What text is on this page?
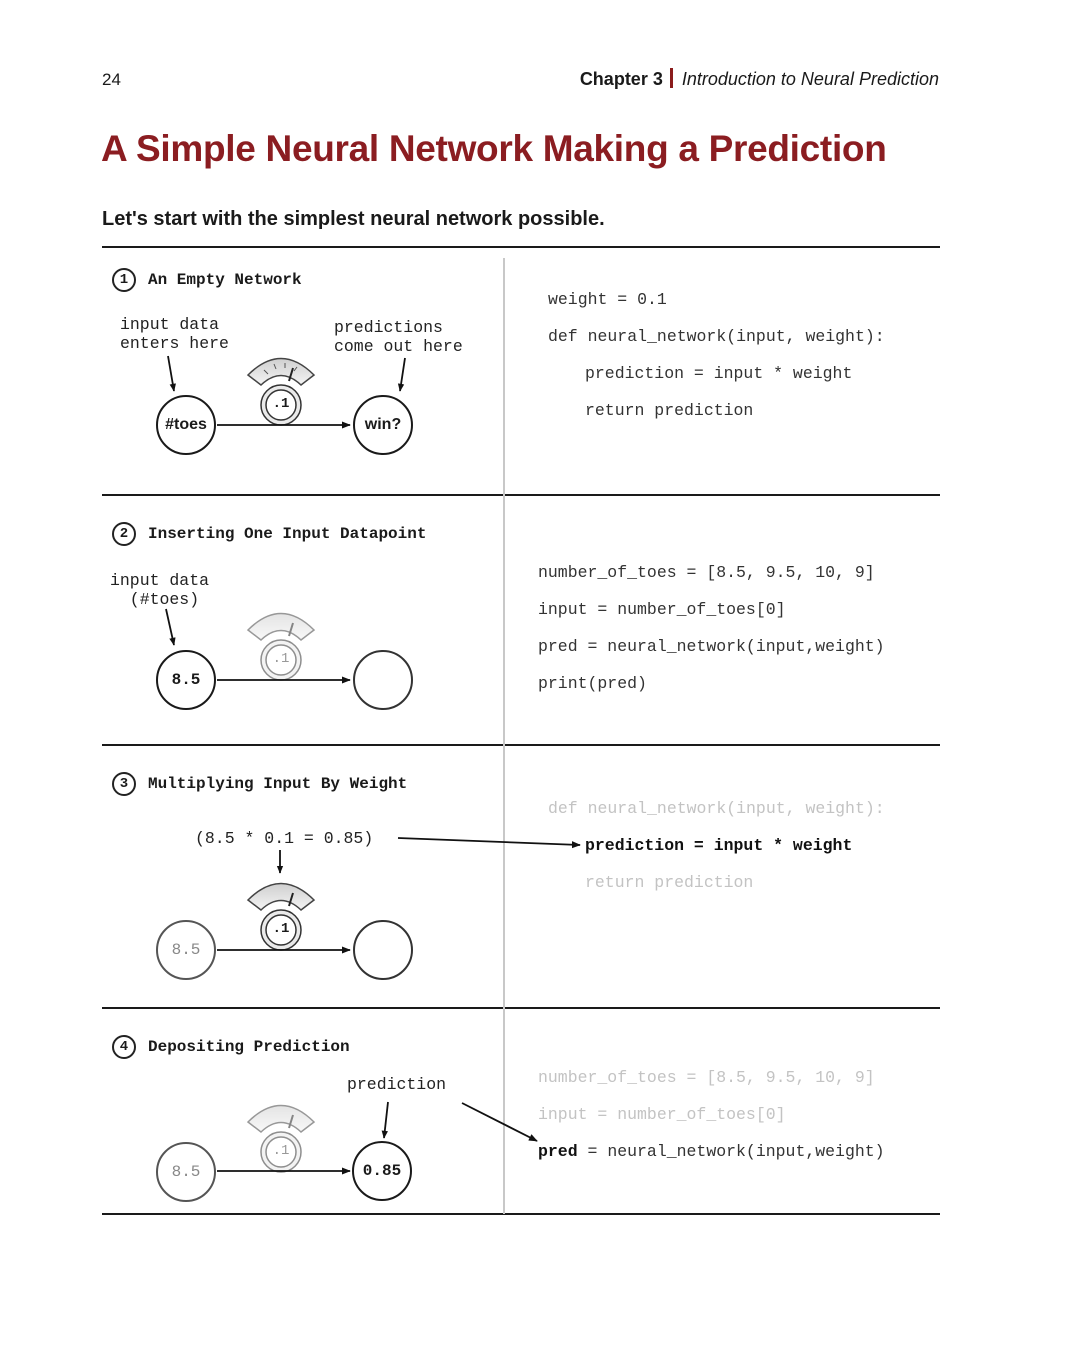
24	Chapter 3 Introduction to Neural Prediction
A Simple Neural Network Making a Prediction
Let's start with the simplest neural network possible.
1 An Empty Network
input data
enters here
predictions
come out here
#toes	win?
.1
weight = 0.1
def neural_network(input, weight):
prediction = input * weight
return prediction
2 Inserting One Input Datapoint
input data
(#toes)
8.5
.1
number_of_toes = [8.5, 9.5, 10, 9]
input = number_of_toes[0]
pred = neural_network(input,weight)
print(pred)
3 Multiplying Input By Weight
(8.5 * 0.1 = 0.85)
8.5
.1
def neural_network(input, weight):
prediction = input * weight
return prediction
4 Depositing Prediction
prediction
8.5	0.85
.1
number_of_toes = [8.5, 9.5, 10, 9]
input = number_of_toes[0]
pred = neural_network(input,weight)
